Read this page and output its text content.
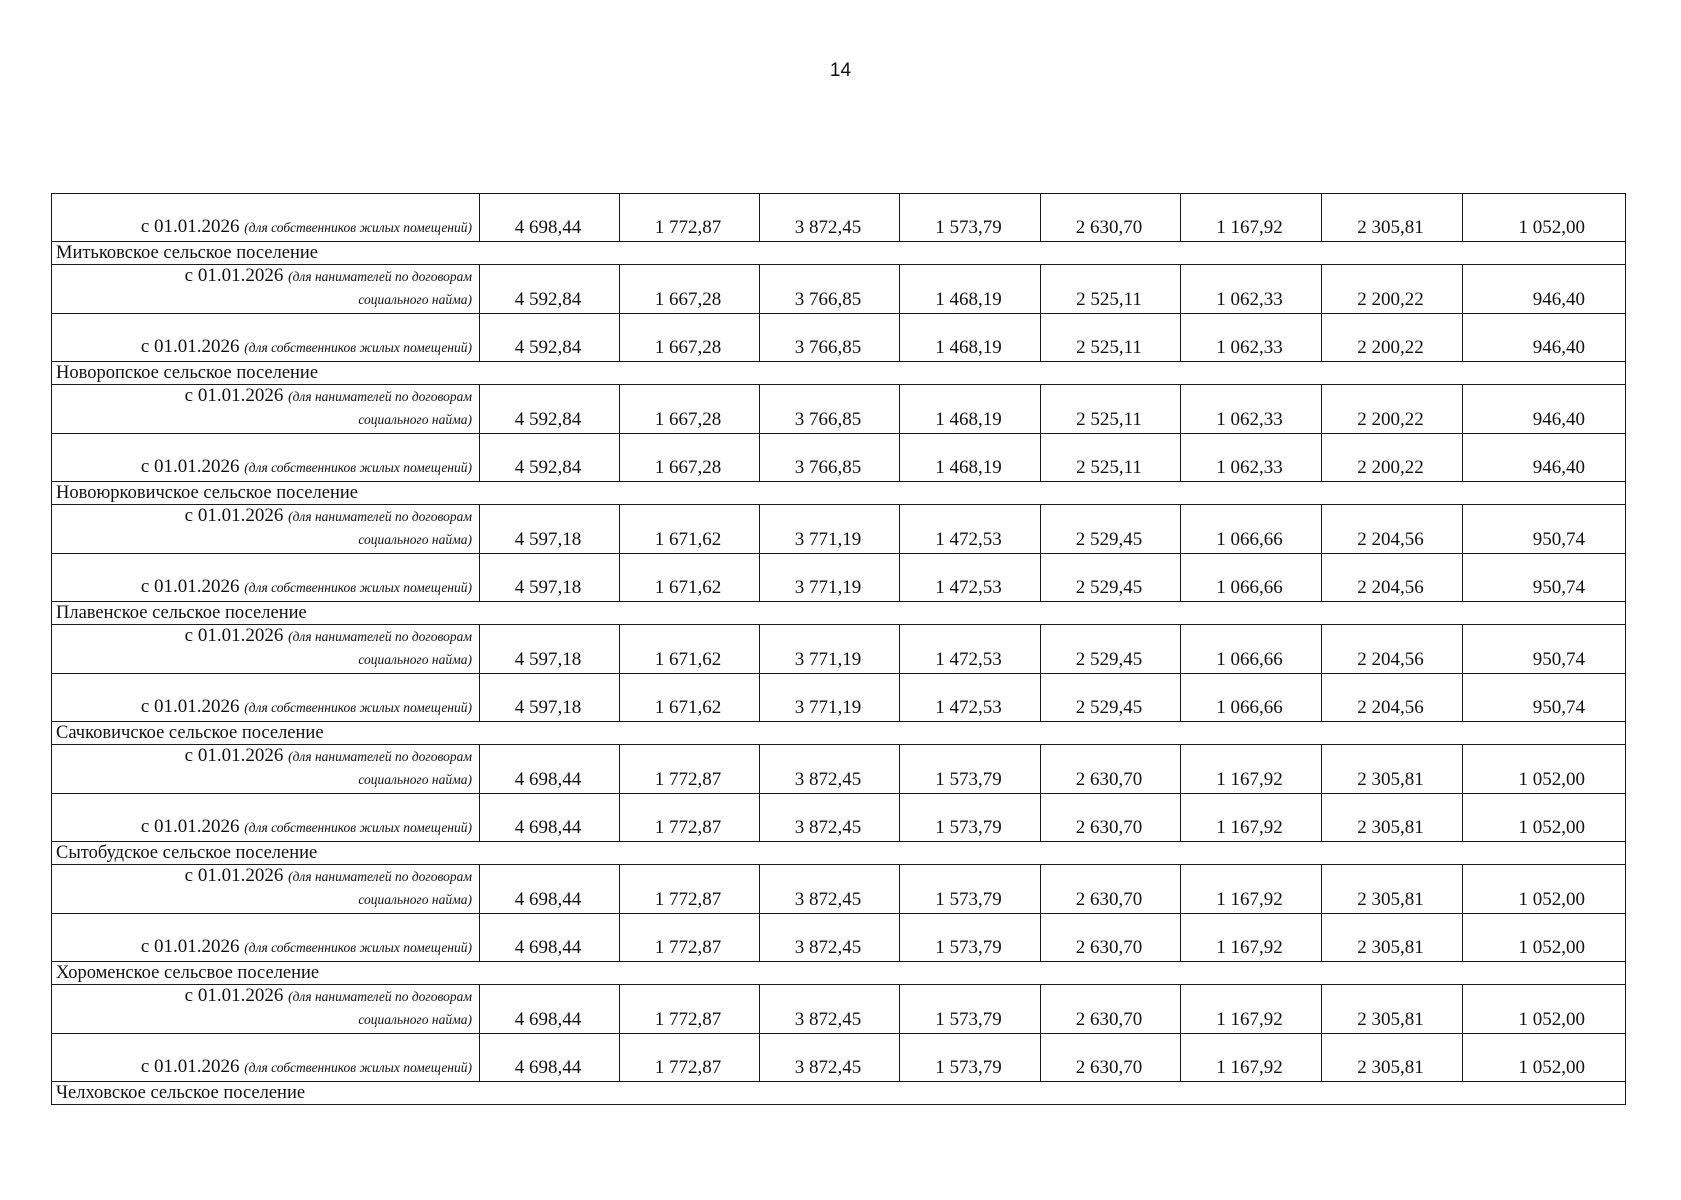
14
с 01.01.2026 (для собственников жилых помещений)	4 698,44	1 772,87	3 872,45	1 573,79	2 630,70	1 167,92	2 305,81	1 052,00
Митьковское сельское поселение								

с 01.01.2026 (для нанимателей по договорам
социального найма)	4 592,84	1 667,28	3 766,85	1 468,19	2 525,11	1 062,33	2 200,22	946,40
с 01.01.2026 (для собственников жилых помещений)	4 592,84	1 667,28	3 766,85	1 468,19	2 525,11	1 062,33	2 200,22	946,40
Новоропское сельское поселение								

с 01.01.2026 (для нанимателей по договорам
социального найма)	4 592,84	1 667,28	3 766,85	1 468,19	2 525,11	1 062,33	2 200,22	946,40
с 01.01.2026 (для собственников жилых помещений)	4 592,84	1 667,28	3 766,85	1 468,19	2 525,11	1 062,33	2 200,22	946,40
Новоюрковичское сельское поселение								

с 01.01.2026 (для нанимателей по договорам
социального найма)	4 597,18	1 671,62	3 771,19	1 472,53	2 529,45	1 066,66	2 204,56	950,74
с 01.01.2026 (для собственников жилых помещений)	4 597,18	1 671,62	3 771,19	1 472,53	2 529,45	1 066,66	2 204,56	950,74
Плавенское сельское поселение								

с 01.01.2026 (для нанимателей по договорам
социального найма)	4 597,18	1 671,62	3 771,19	1 472,53	2 529,45	1 066,66	2 204,56	950,74
с 01.01.2026 (для собственников жилых помещений)	4 597,18	1 671,62	3 771,19	1 472,53	2 529,45	1 066,66	2 204,56	950,74
Сачковичское сельское поселение								

с 01.01.2026 (для нанимателей по договорам
социального найма)	4 698,44	1 772,87	3 872,45	1 573,79	2 630,70	1 167,92	2 305,81	1 052,00
с 01.01.2026 (для собственников жилых помещений)	4 698,44	1 772,87	3 872,45	1 573,79	2 630,70	1 167,92	2 305,81	1 052,00
Сытобудское сельское поселение								

с 01.01.2026 (для нанимателей по договорам
социального найма)	4 698,44	1 772,87	3 872,45	1 573,79	2 630,70	1 167,92	2 305,81	1 052,00
с 01.01.2026 (для собственников жилых помещений)	4 698,44	1 772,87	3 872,45	1 573,79	2 630,70	1 167,92	2 305,81	1 052,00
Хороменское сельсвое поселение								

с 01.01.2026 (для нанимателей по договорам
социального найма)	4 698,44	1 772,87	3 872,45	1 573,79	2 630,70	1 167,92	2 305,81	1 052,00
с 01.01.2026 (для собственников жилых помещений)	4 698,44	1 772,87	3 872,45	1 573,79	2 630,70	1 167,92	2 305,81	1 052,00
Челховское сельское поселение								
